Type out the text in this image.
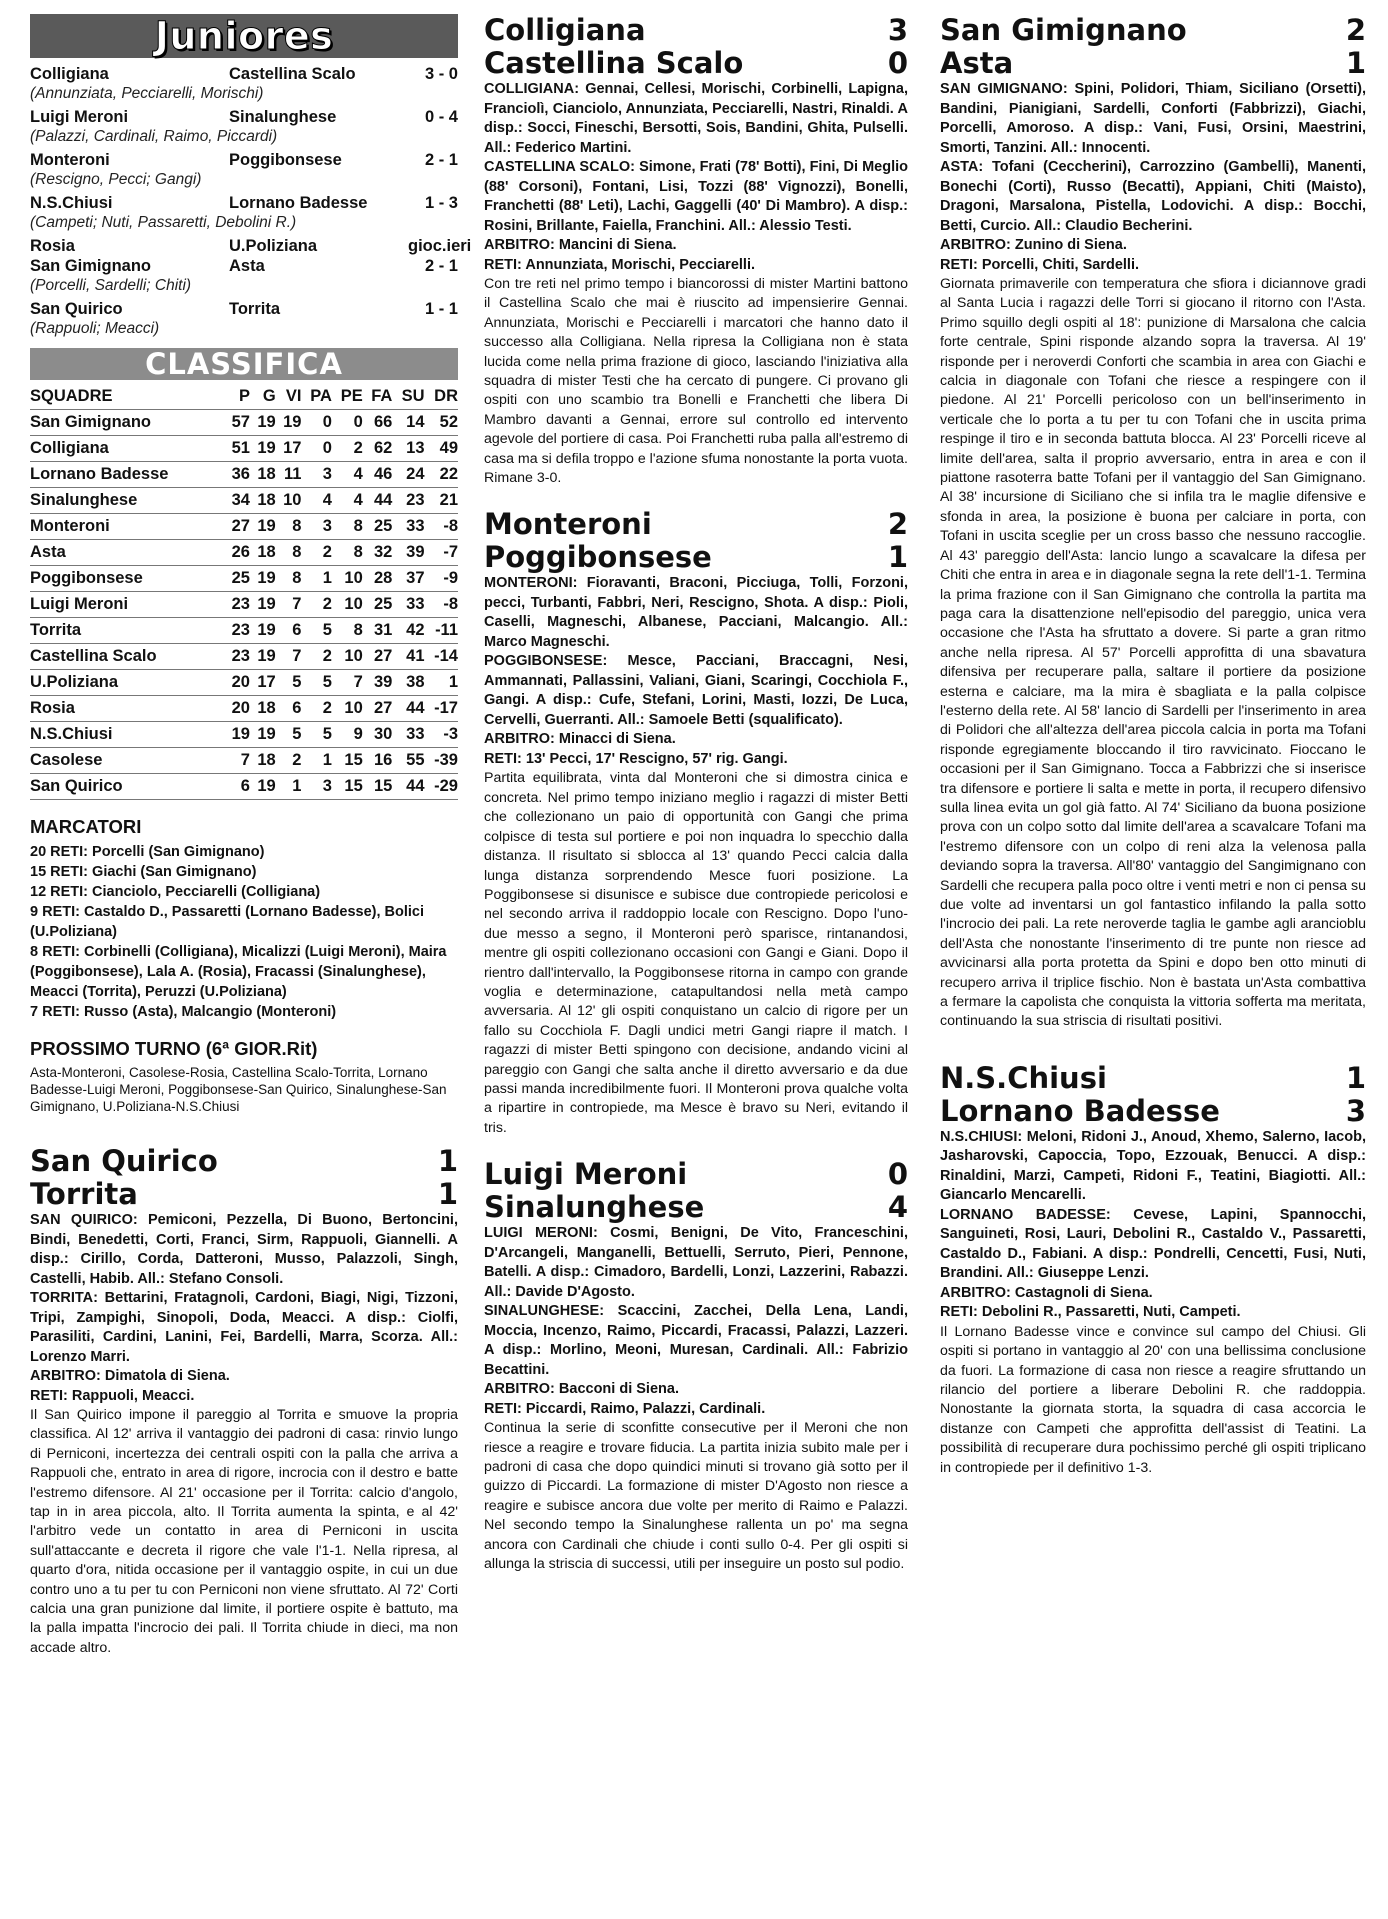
Juniores
Colligiana	Castellina Scalo	3 - 0
(Annunziata, Pecciarelli, Morischi)
Luigi Meroni	Sinalunghese	0 - 4
(Palazzi, Cardinali, Raimo, Piccardi)
Monteroni	Poggibonsese	2 - 1
(Rescigno, Pecci; Gangi)
N.S.Chiusi	Lornano Badesse	1 - 3
(Campeti; Nuti, Passaretti, Debolini R.)
Rosia	U.Poliziana	gioc.ieri
San Gimignano	Asta	2 - 1
(Porcelli, Sardelli; Chiti)
San Quirico	Torrita	1 - 1
(Rappuoli; Meacci)
CLASSIFICA
SQUADRE	P	G	VI	PA	PE	FA	SU	DR
San Gimignano	57	19	19	0	0	66	14	52
Colligiana	51	19	17	0	2	62	13	49
Lornano Badesse	36	18	11	3	4	46	24	22
Sinalunghese	34	18	10	4	4	44	23	21
Monteroni	27	19	8	3	8	25	33	-8
Asta	26	18	8	2	8	32	39	-7
Poggibonsese	25	19	8	1	10	28	37	-9
Luigi Meroni	23	19	7	2	10	25	33	-8
Torrita	23	19	6	5	8	31	42	-11
Castellina Scalo	23	19	7	2	10	27	41	-14
U.Poliziana	20	17	5	5	7	39	38	1
Rosia	20	18	6	2	10	27	44	-17
N.S.Chiusi	19	19	5	5	9	30	33	-3
Casolese	7	18	2	1	15	16	55	-39
San Quirico	6	19	1	3	15	15	44	-29
MARCATORI
20 RETI: Porcelli (San Gimignano)
15 RETI: Giachi (San Gimignano)
12 RETI: Cianciolo, Pecciarelli (Colligiana)
9 RETI: Castaldo D., Passaretti (Lornano Badesse), Bolici (U.Poliziana)
8 RETI: Corbinelli (Colligiana), Micalizzi (Luigi Meroni), Maira (Poggibonsese), Lala A. (Rosia), Fracassi (Sinalunghese), Meacci (Torrita), Peruzzi (U.Poliziana)
7 RETI: Russo (Asta), Malcangio (Monteroni)
PROSSIMO TURNO (6ª GIOR.Rit)
Asta-Monteroni, Casolese-Rosia, Castellina Scalo-Torrita, Lornano Badesse-Luigi Meroni, Poggibonsese-San Quirico, Sinalunghese-San Gimignano, U.Poliziana-N.S.Chiusi
San Quirico	1
Torrita	1
SAN QUIRICO: Pemiconi, Pezzella, Di Buono, Bertoncini, Bindi, Benedetti, Corti, Franci, Sirm, Rappuoli, Giannelli. A disp.: Cirillo, Corda, Datteroni, Musso, Palazzoli, Singh, Castelli, Habib. All.: Stefano Consoli.
TORRITA: Bettarini, Fratagnoli, Cardoni, Biagi, Nigi, Tizzoni, Tripi, Zampighi, Sinopoli, Doda, Meacci. A disp.: Ciolfi, Parasiliti, Cardini, Lanini, Fei, Bardelli, Marra, Scorza. All.: Lorenzo Marri.
ARBITRO: Dimatola di Siena.
RETI: Rappuoli, Meacci.
Il San Quirico impone il pareggio al Torrita e smuove la propria classifica. Al 12' arriva il vantaggio dei padroni di casa: rinvio lungo di Perniconi, incertezza dei centrali ospiti con la palla che arriva a Rappuoli che, entrato in area di rigore, incrocia con il destro e batte l'estremo difensore. Al 21' occasione per il Torrita: calcio d'angolo, tap in in area piccola, alto. Il Torrita aumenta la spinta, e al 42' l'arbitro vede un contatto in area di Perniconi in uscita sull'attaccante e decreta il rigore che vale l'1-1. Nella ripresa, al quarto d'ora, nitida occasione per il vantaggio ospite, in cui un due contro uno a tu per tu con Perniconi non viene sfruttato. Al 72' Corti calcia una gran punizione dal limite, il portiere ospite è battuto, ma la palla impatta l'incrocio dei pali. Il Torrita chiude in dieci, ma non accade altro.
Colligiana	3
Castellina Scalo	0
COLLIGIANA: Gennai, Cellesi, Morischi, Corbinelli, Lapigna, Franciolì, Cianciolo, Annunziata, Pecciarelli, Nastri, Rinaldi. A disp.: Socci, Fineschi, Bersotti, Sois, Bandini, Ghita, Pulselli. All.: Federico Martini.
CASTELLINA SCALO: Simone, Frati (78' Botti), Fini, Di Meglio (88' Corsoni), Fontani, Lisi, Tozzi (88' Vignozzi), Bonelli, Franchetti (88' Leti), Lachi, Gaggelli (40' Di Mambro). A disp.: Rosini, Brillante, Faiella, Franchini. All.: Alessio Testi.
ARBITRO: Mancini di Siena.
RETI: Annunziata, Morischi, Pecciarelli.
Con tre reti nel primo tempo i biancorossi di mister Martini battono il Castellina Scalo che mai è riuscito ad impensierire Gennai. Annunziata, Morischi e Pecciarelli i marcatori che hanno dato il successo alla Colligiana. Nella ripresa la Colligiana non è stata lucida come nella prima frazione di gioco, lasciando l'iniziativa alla squadra di mister Testi che ha cercato di pungere. Ci provano gli ospiti con uno scambio tra Bonelli e Franchetti che libera Di Mambro davanti a Gennai, errore sul controllo ed intervento agevole del portiere di casa. Poi Franchetti ruba palla all'estremo di casa ma si defila troppo e l'azione sfuma nonostante la porta vuota. Rimane 3-0.
Monteroni	2
Poggibonsese	1
MONTERONI: Fioravanti, Braconi, Picciuga, Tolli, Forzoni, pecci, Turbanti, Fabbri, Neri, Rescigno, Shota. A disp.: Pioli, Caselli, Magneschi, Albanese, Pacciani, Malcangio. All.: Marco Magneschi.
POGGIBONSESE: Mesce, Pacciani, Braccagni, Nesi, Ammannati, Pallassini, Valiani, Giani, Scaringi, Cocchiola F., Gangi. A disp.: Cufe, Stefani, Lorini, Masti, Iozzi, De Luca, Cervelli, Guerranti. All.: Samoele Betti (squalificato).
ARBITRO: Minacci di Siena.
RETI: 13' Pecci, 17' Rescigno, 57' rig. Gangi.
Partita equilibrata, vinta dal Monteroni che si dimostra cinica e concreta. Nel primo tempo iniziano meglio i ragazzi di mister Betti che collezionano un paio di opportunità con Gangi che prima colpisce di testa sul portiere e poi non inquadra lo specchio dalla distanza. Il risultato si sblocca al 13' quando Pecci calcia dalla lunga distanza sorprendendo Mesce fuori posizione. La Poggibonsese si disunisce e subisce due contropiede pericolosi e nel secondo arriva il raddoppio locale con Rescigno. Dopo l'uno-due messo a segno, il Monteroni però sparisce, rintanandosi, mentre gli ospiti collezionano occasioni con Gangi e Giani. Dopo il rientro dall'intervallo, la Poggibonsese ritorna in campo con grande voglia e determinazione, catapultandosi nella metà campo avversaria. Al 12' gli ospiti conquistano un calcio di rigore per un fallo su Cocchiola F. Dagli undici metri Gangi riapre il match. I ragazzi di mister Betti spingono con decisione, andando vicini al pareggio con Gangi che salta anche il diretto avversario e da due passi manda incredibilmente fuori. Il Monteroni prova qualche volta a ripartire in contropiede, ma Mesce è bravo su Neri, evitando il tris.
Luigi Meroni	0
Sinalunghese	4
LUIGI MERONI: Cosmi, Benigni, De Vito, Franceschini, D'Arcangeli, Manganelli, Bettuelli, Serruto, Pieri, Pennone, Batelli. A disp.: Cimadoro, Bardelli, Lonzi, Lazzerini, Rabazzi. All.: Davide D'Agosto.
SINALUNGHESE: Scaccini, Zacchei, Della Lena, Landi, Moccia, Incenzo, Raimo, Piccardi, Fracassi, Palazzi, Lazzeri. A disp.: Morlino, Meoni, Muresan, Cardinali. All.: Fabrizio Becattini.
ARBITRO: Bacconi di Siena.
RETI: Piccardi, Raimo, Palazzi, Cardinali.
Continua la serie di sconfitte consecutive per il Meroni che non riesce a reagire e trovare fiducia. La partita inizia subito male per i padroni di casa che dopo quindici minuti si trovano già sotto per il guizzo di Piccardi. La formazione di mister D'Agosto non riesce a reagire e subisce ancora due volte per merito di Raimo e Palazzi. Nel secondo tempo la Sinalunghese rallenta un po' ma segna ancora con Cardinali che chiude i conti sullo 0-4. Per gli ospiti si allunga la striscia di successi, utili per inseguire un posto sul podio.
San Gimignano	2
Asta	1
SAN GIMIGNANO: Spini, Polidori, Thiam, Siciliano (Orsetti), Bandini, Pianigiani, Sardelli, Conforti (Fabbrizzi), Giachi, Porcelli, Amoroso. A disp.: Vani, Fusi, Orsini, Maestrini, Smorti, Tanzini. All.: Innocenti.
ASTA: Tofani (Ceccherini), Carrozzino (Gambelli), Manenti, Bonechi (Corti), Russo (Becatti), Appiani, Chiti (Maisto), Dragoni, Marsalona, Pistella, Lodovichi. A disp.: Bocchi, Betti, Curcio. All.: Claudio Becherini.
ARBITRO: Zunino di Siena.
RETI: Porcelli, Chiti, Sardelli.
Giornata primaverile con temperatura che sfiora i diciannove gradi al Santa Lucia i ragazzi delle Torri si giocano il ritorno con l'Asta. Primo squillo degli ospiti al 18': punizione di Marsalona che calcia forte centrale, Spini risponde alzando sopra la traversa. Al 19' risponde per i neroverdi Conforti che scambia in area con Giachi e calcia in diagonale con Tofani che riesce a respingere con il piedone. Al 21' Porcelli pericoloso con un bell'inserimento in verticale che lo porta a tu per tu con Tofani che in uscita prima respinge il tiro e in seconda battuta blocca. Al 23' Porcelli riceve al limite dell'area, salta il proprio avversario, entra in area e con il piattone rasoterra batte Tofani per il vantaggio del San Gimignano. Al 38' incursione di Siciliano che si infila tra le maglie difensive e sfonda in area, la posizione è buona per calciare in porta, con Tofani in uscita sceglie per un cross basso che nessuno raccoglie. Al 43' pareggio dell'Asta: lancio lungo a scavalcare la difesa per Chiti che entra in area e in diagonale segna la rete dell'1-1. Termina la prima frazione con il San Gimignano che controlla la partita ma paga cara la disattenzione nell'episodio del pareggio, unica vera occasione che l'Asta ha sfruttato a dovere. Si parte a gran ritmo anche nella ripresa. Al 57' Porcelli approfitta di una sbavatura difensiva per recuperare palla, saltare il portiere da posizione esterna e calciare, ma la mira è sbagliata e la palla colpisce l'esterno della rete. Al 58' lancio di Sardelli per l'inserimento in area di Polidori che all'altezza dell'area piccola calcia in porta ma Tofani risponde egregiamente bloccando il tiro ravvicinato. Fioccano le occasioni per il San Gimignano. Tocca a Fabbrizzi che si inserisce tra difensore e portiere li salta e mette in porta, il recupero difensivo sulla linea evita un gol già fatto. Al 74' Siciliano da buona posizione prova con un colpo sotto dal limite dell'area a scavalcare Tofani ma l'estremo difensore con un colpo di reni alza la velenosa palla deviando sopra la traversa. All'80' vantaggio del Sangimignano con Sardelli che recupera palla poco oltre i venti metri e non ci pensa su due volte ad inventarsi un gol fantastico infilando la palla sotto l'incrocio dei pali. La rete neroverde taglia le gambe agli arancioblu dell'Asta che nonostante l'inserimento di tre punte non riesce ad avvicinarsi alla porta protetta da Spini e dopo ben otto minuti di recupero arriva il triplice fischio. Non è bastata un'Asta combattiva a fermare la capolista che conquista la vittoria sofferta ma meritata, continuando la sua striscia di risultati positivi.
N.S.Chiusi	1
Lornano Badesse	3
N.S.CHIUSI: Meloni, Ridoni J., Anoud, Xhemo, Salerno, Iacob, Jasharovski, Capoccia, Topo, Ezzouak, Benucci. A disp.: Rinaldini, Marzi, Campeti, Ridoni F., Teatini, Biagiotti. All.: Giancarlo Mencarelli.
LORNANO BADESSE: Cevese, Lapini, Spannocchi, Sanguineti, Rosi, Lauri, Debolini R., Castaldo V., Passaretti, Castaldo D., Fabiani. A disp.: Pondrelli, Cencetti, Fusi, Nuti, Brandini. All.: Giuseppe Lenzi.
ARBITRO: Castagnoli di Siena.
RETI: Debolini R., Passaretti, Nuti, Campeti.
Il Lornano Badesse vince e convince sul campo del Chiusi. Gli ospiti si portano in vantaggio al 20' con una bellissima conclusione da fuori. La formazione di casa non riesce a reagire sfruttando un rilancio del portiere a liberare Debolini R. che raddoppia. Nonostante la giornata storta, la squadra di casa accorcia le distanze con Campeti che approfitta dell'assist di Teatini. La possibilità di recuperare dura pochissimo perché gli ospiti triplicano in contropiede per il definitivo 1-3.
